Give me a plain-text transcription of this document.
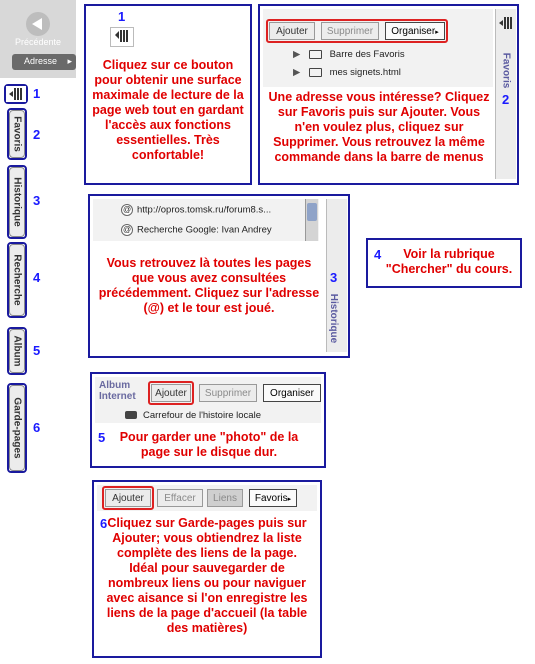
Précédente
Adresse ▸
1
Favoris 2
Historique 3
Recherche 4
Album 5
Garde-pages 6
1
Cliquez sur ce bouton pour obtenir une surface maximale de lecture de la page web tout en gardant l'accès aux fonctions essentielles. Très confortable!
Ajouter	Supprimer	Organiser▸
▶	Barre des Favoris
▶	mes signets.html	Favoris
2
Une adresse vous intéresse? Cliquez sur Favoris puis sur Ajouter. Vous n'en voulez plus, cliquez sur Supprimer. Vous retrouvez la même commande dans la barre de menus
@ http://opros.tomsk.ru/forum8.s...
@ Recherche Google: Ivan Andrey
Historique
3
Vous retrouvez là toutes les pages que vous avez consultées précédemment. Cliquez sur l'adresse (@) et le tour est joué.
4	Voir la rubrique "Chercher" du cours.
Album
Internet	Ajouter	Supprimer	Organiser
Carrefour de l'histoire locale
5	Pour garder une "photo" de la page sur le disque dur.
Ajouter	Effacer	Liens	Favoris▸
6 Cliquez sur Garde-pages puis sur Ajouter; vous obtiendrez la liste complète des liens de la page. Idéal pour sauvegarder de nombreux liens ou pour naviguer avec aisance si l'on enregistre les liens de la page d'accueil (la table des matières)
